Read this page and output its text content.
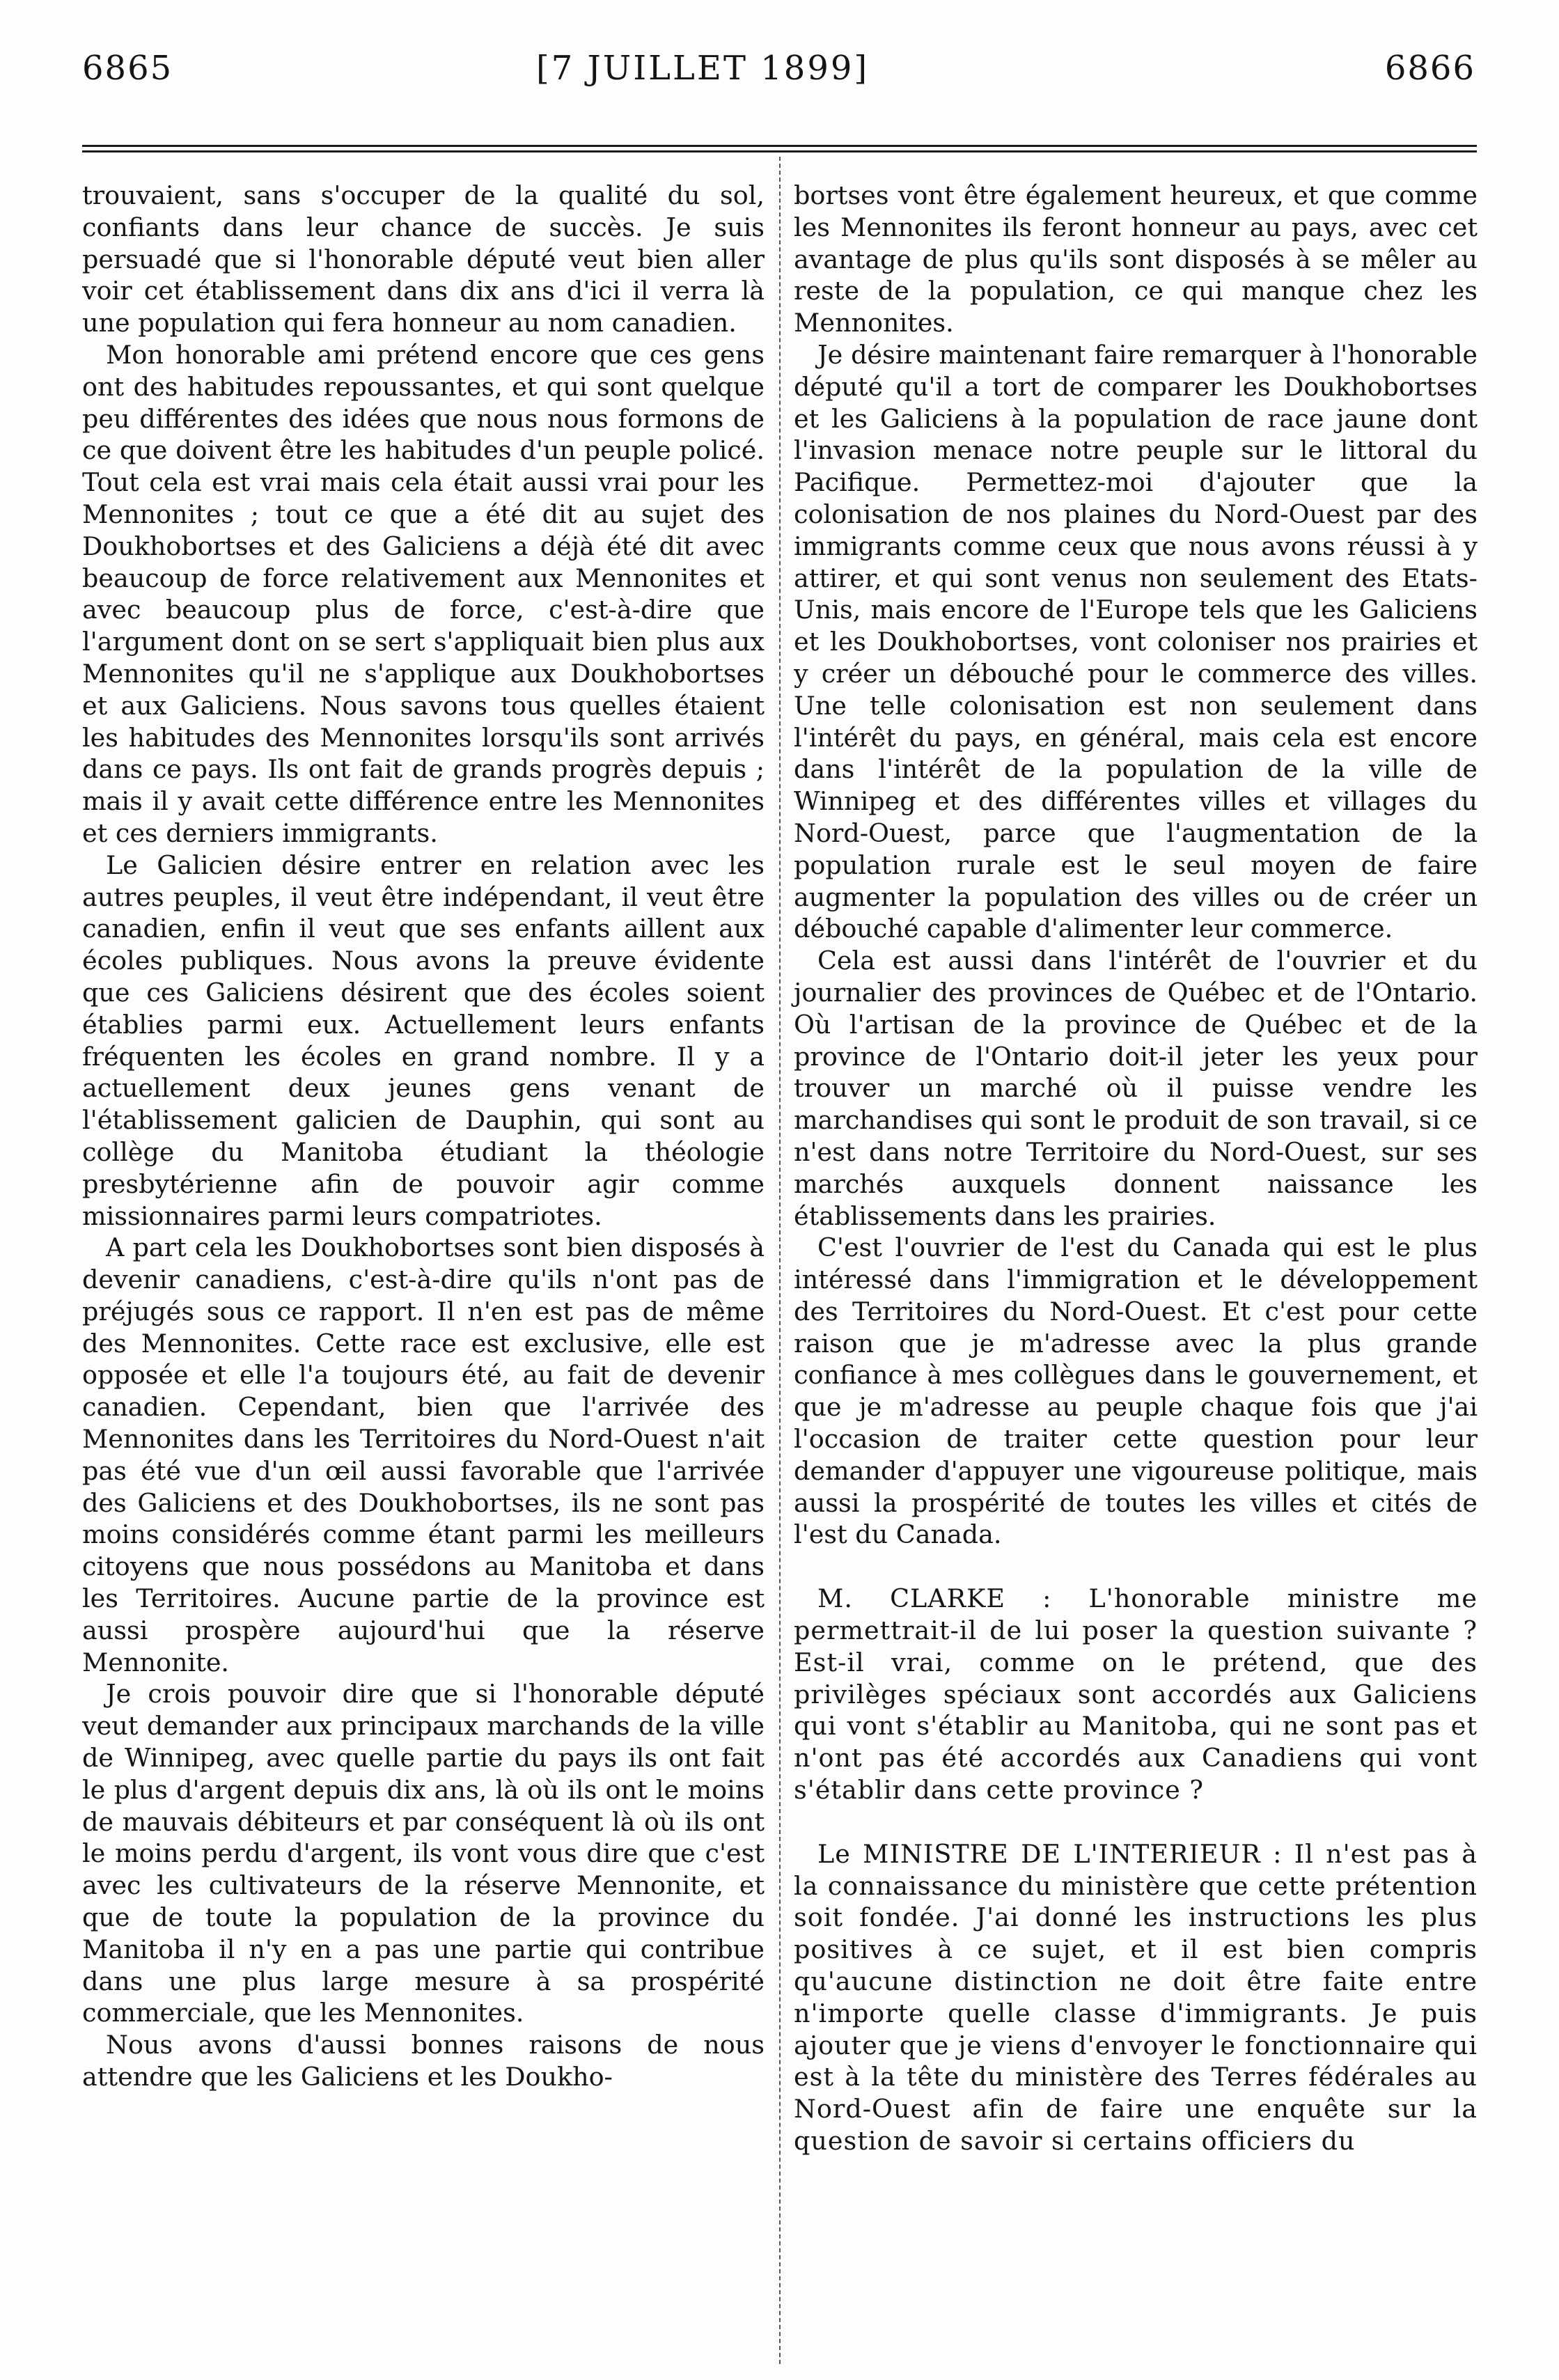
6865	[7 JUILLET 1899]	6866

trouvaient, sans s'occuper de la qualité du sol, confiants dans leur chance de succès. Je suis persuadé que si l'honorable député veut bien aller voir cet établissement dans dix ans d'ici il verra là une population qui fera honneur au nom canadien.

Mon honorable ami prétend encore que ces gens ont des habitudes repoussantes, et qui sont quelque peu différentes des idées que nous nous formons de ce que doivent être les habitudes d'un peuple policé. Tout cela est vrai mais cela était aussi vrai pour les Mennonites ; tout ce que a été dit au sujet des Doukhobortses et des Galiciens a déjà été dit avec beaucoup de force relativement aux Mennonites et avec beaucoup plus de force, c'est-à-dire que l'argument dont on se sert s'appliquait bien plus aux Mennonites qu'il ne s'applique aux Doukhobortses et aux Galiciens. Nous savons tous quelles étaient les habitudes des Mennonites lorsqu'ils sont arrivés dans ce pays. Ils ont fait de grands progrès depuis ; mais il y avait cette différence entre les Mennonites et ces derniers immigrants.

Le Galicien désire entrer en relation avec les autres peuples, il veut être indépendant, il veut être canadien, enfin il veut que ses enfants aillent aux écoles publiques. Nous avons la preuve évidente que ces Galiciens désirent que des écoles soient établies parmi eux. Actuellement leurs enfants fréquenten les écoles en grand nombre. Il y a actuellement deux jeunes gens venant de l'établissement galicien de Dauphin, qui sont au collège du Manitoba étudiant la théologie presbytérienne afin de pouvoir agir comme missionnaires parmi leurs compatriotes.

A part cela les Doukhobortses sont bien disposés à devenir canadiens, c'est-à-dire qu'ils n'ont pas de préjugés sous ce rapport. Il n'en est pas de même des Mennonites. Cette race est exclusive, elle est opposée et elle l'a toujours été, au fait de devenir canadien. Cependant, bien que l'arrivée des Mennonites dans les Territoires du Nord-Ouest n'ait pas été vue d'un œil aussi favorable que l'arrivée des Galiciens et des Doukhobortses, ils ne sont pas moins considérés comme étant parmi les meilleurs citoyens que nous possédons au Manitoba et dans les Territoires. Aucune partie de la province est aussi prospère aujourd'hui que la réserve Mennonite.

Je crois pouvoir dire que si l'honorable député veut demander aux principaux marchands de la ville de Winnipeg, avec quelle partie du pays ils ont fait le plus d'argent depuis dix ans, là où ils ont le moins de mauvais débiteurs et par conséquent là où ils ont le moins perdu d'argent, ils vont vous dire que c'est avec les cultivateurs de la réserve Mennonite, et que de toute la population de la province du Manitoba il n'y en a pas une partie qui contribue dans une plus large mesure à sa prospérité commerciale, que les Mennonites.

Nous avons d'aussi bonnes raisons de nous attendre que les Galiciens et les Doukho-

bortses vont être également heureux, et que comme les Mennonites ils feront honneur au pays, avec cet avantage de plus qu'ils sont disposés à se mêler au reste de la population, ce qui manque chez les Mennonites.

Je désire maintenant faire remarquer à l'honorable député qu'il a tort de comparer les Doukhobortses et les Galiciens à la population de race jaune dont l'invasion menace notre peuple sur le littoral du Pacifique. Permettez-moi d'ajouter que la colonisation de nos plaines du Nord-Ouest par des immigrants comme ceux que nous avons réussi à y attirer, et qui sont venus non seulement des Etats-Unis, mais encore de l'Europe tels que les Galiciens et les Doukhobortses, vont coloniser nos prairies et y créer un débouché pour le commerce des villes. Une telle colonisation est non seulement dans l'intérêt du pays, en général, mais cela est encore dans l'intérêt de la population de la ville de Winnipeg et des différentes villes et villages du Nord-Ouest, parce que l'augmentation de la population rurale est le seul moyen de faire augmenter la population des villes ou de créer un débouché capable d'alimenter leur commerce.

Cela est aussi dans l'intérêt de l'ouvrier et du journalier des provinces de Québec et de l'Ontario. Où l'artisan de la province de Québec et de la province de l'Ontario doit-il jeter les yeux pour trouver un marché où il puisse vendre les marchandises qui sont le produit de son travail, si ce n'est dans notre Territoire du Nord-Ouest, sur ses marchés auxquels donnent naissance les établissements dans les prairies.

C'est l'ouvrier de l'est du Canada qui est le plus intéressé dans l'immigration et le développement des Territoires du Nord-Ouest. Et c'est pour cette raison que je m'adresse avec la plus grande confiance à mes collègues dans le gouvernement, et que je m'adresse au peuple chaque fois que j'ai l'occasion de traiter cette question pour leur demander d'appuyer une vigoureuse politique, mais aussi la prospérité de toutes les villes et cités de l'est du Canada.

M. CLARKE : L'honorable ministre me permettrait-il de lui poser la question suivante ? Est-il vrai, comme on le prétend, que des privilèges spéciaux sont accordés aux Galiciens qui vont s'établir au Manitoba, qui ne sont pas et n'ont pas été accordés aux Canadiens qui vont s'établir dans cette province ?

Le MINISTRE DE L'INTERIEUR : Il n'est pas à la connaissance du ministère que cette prétention soit fondée. J'ai donné les instructions les plus positives à ce sujet, et il est bien compris qu'aucune distinction ne doit être faite entre n'importe quelle classe d'immigrants. Je puis ajouter que je viens d'envoyer le fonctionnaire qui est à la tête du ministère des Terres fédérales au Nord-Ouest afin de faire une enquête sur la question de savoir si certains officiers du
